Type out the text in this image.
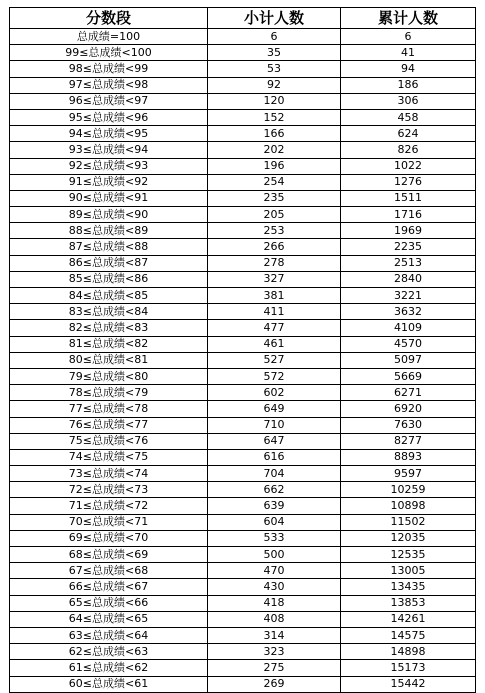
分数段	小计人数	累计人数
总成绩=100	6	6
99≤总成绩<100	35	41
98≤总成绩<99	53	94
97≤总成绩<98	92	186
96≤总成绩<97	120	306
95≤总成绩<96	152	458
94≤总成绩<95	166	624
93≤总成绩<94	202	826
92≤总成绩<93	196	1022
91≤总成绩<92	254	1276
90≤总成绩<91	235	1511
89≤总成绩<90	205	1716
88≤总成绩<89	253	1969
87≤总成绩<88	266	2235
86≤总成绩<87	278	2513
85≤总成绩<86	327	2840
84≤总成绩<85	381	3221
83≤总成绩<84	411	3632
82≤总成绩<83	477	4109
81≤总成绩<82	461	4570
80≤总成绩<81	527	5097
79≤总成绩<80	572	5669
78≤总成绩<79	602	6271
77≤总成绩<78	649	6920
76≤总成绩<77	710	7630
75≤总成绩<76	647	8277
74≤总成绩<75	616	8893
73≤总成绩<74	704	9597
72≤总成绩<73	662	10259
71≤总成绩<72	639	10898
70≤总成绩<71	604	11502
69≤总成绩<70	533	12035
68≤总成绩<69	500	12535
67≤总成绩<68	470	13005
66≤总成绩<67	430	13435
65≤总成绩<66	418	13853
64≤总成绩<65	408	14261
63≤总成绩<64	314	14575
62≤总成绩<63	323	14898
61≤总成绩<62	275	15173
60≤总成绩<61	269	15442
